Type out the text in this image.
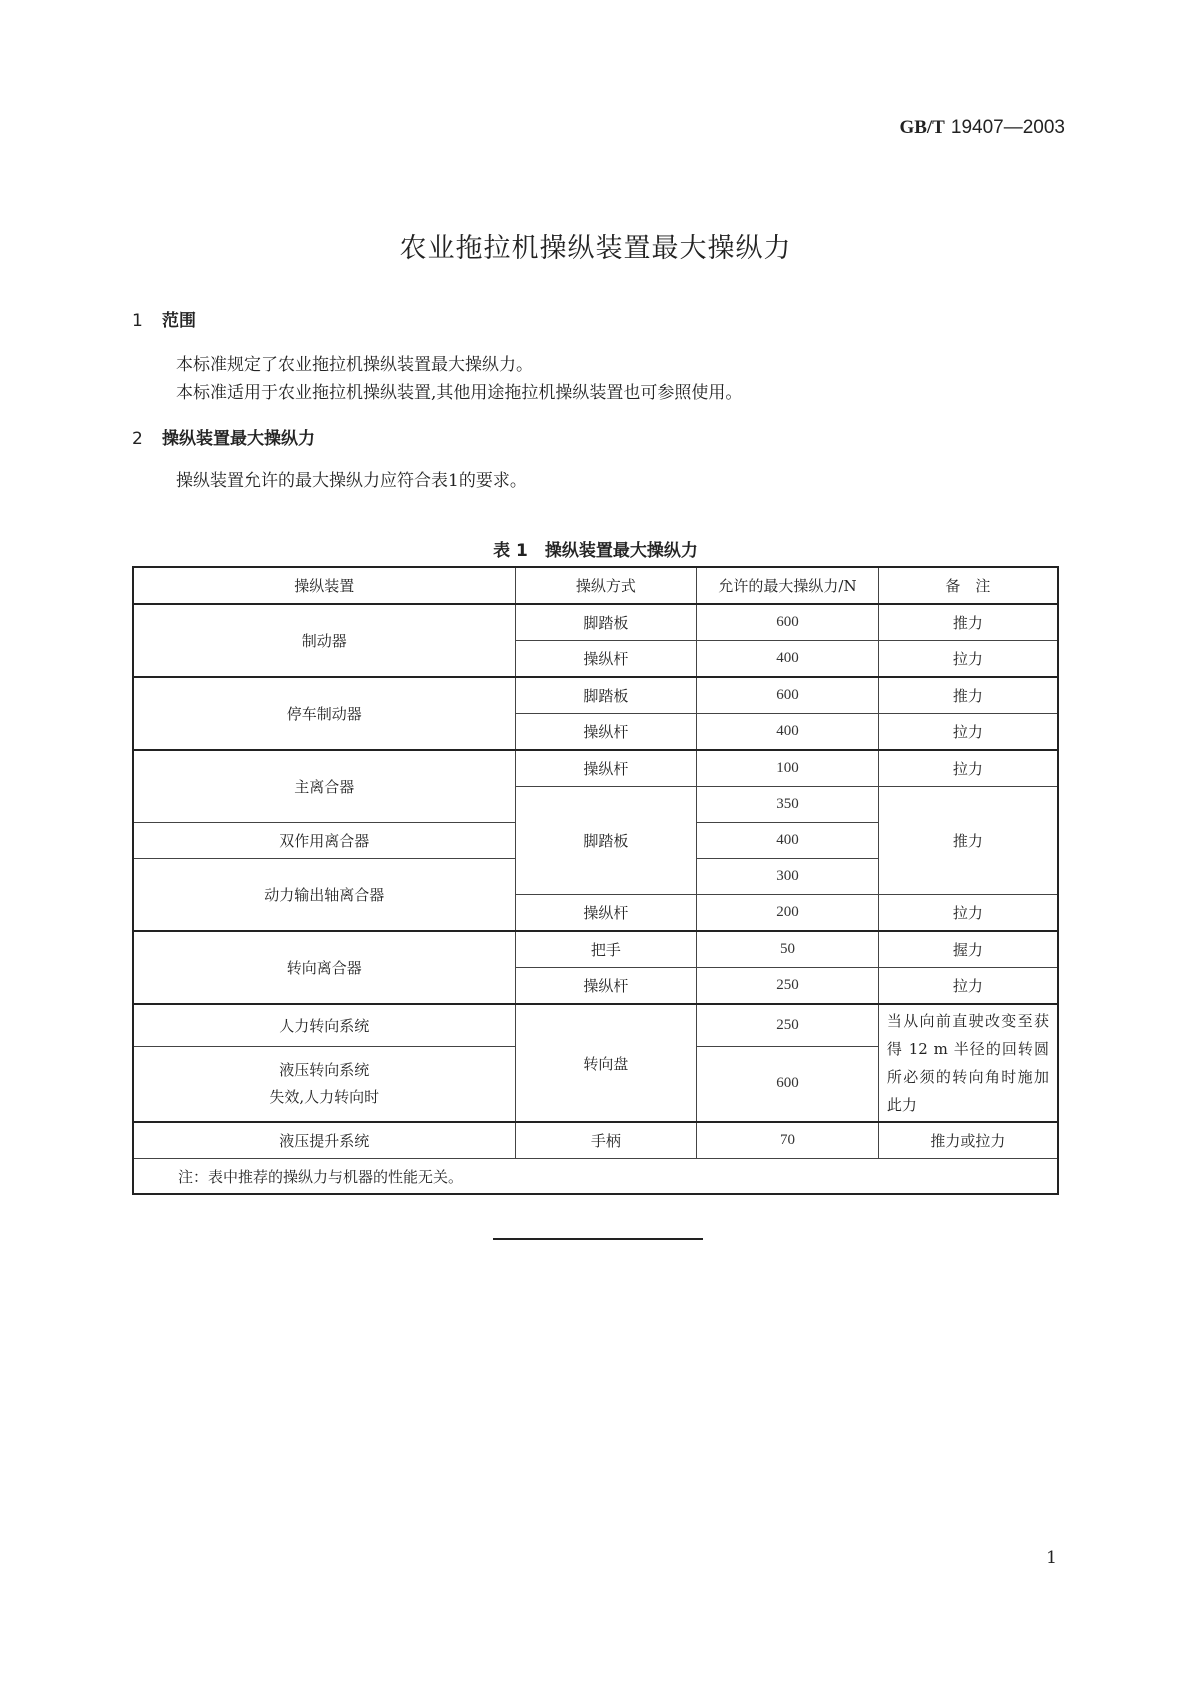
GB/T 19407—2003
农业拖拉机操纵装置最大操纵力
1 范围
本标准规定了农业拖拉机操纵装置最大操纵力。
本标准适用于农业拖拉机操纵装置,其他用途拖拉机操纵装置也可参照使用。
2 操纵装置最大操纵力
操纵装置允许的最大操纵力应符合表1的要求。
表 1　操纵装置最大操纵力
操纵装置	操纵方式	允许的最大操纵力/N	备　注
制动器	脚踏板	600	推力
	操纵杆	400	拉力
停车制动器	脚踏板	600	推力
	操纵杆	400	拉力
主离合器	操纵杆	100	拉力
	脚踏板	350	推力
双作用离合器		400	
动力输出轴离合器		300	
	操纵杆	200	拉力
转向离合器	把手	50	握力
	操纵杆	250	拉力
人力转向系统	转向盘	250	当从向前直驶改变至获得 12 m 半径的回转圆所必须的转向角时施加此力
液压转向系统
失效,人力转向时		600	
液压提升系统	手柄	70	推力或拉力
注：表中推荐的操纵力与机器的性能无关。			
1
